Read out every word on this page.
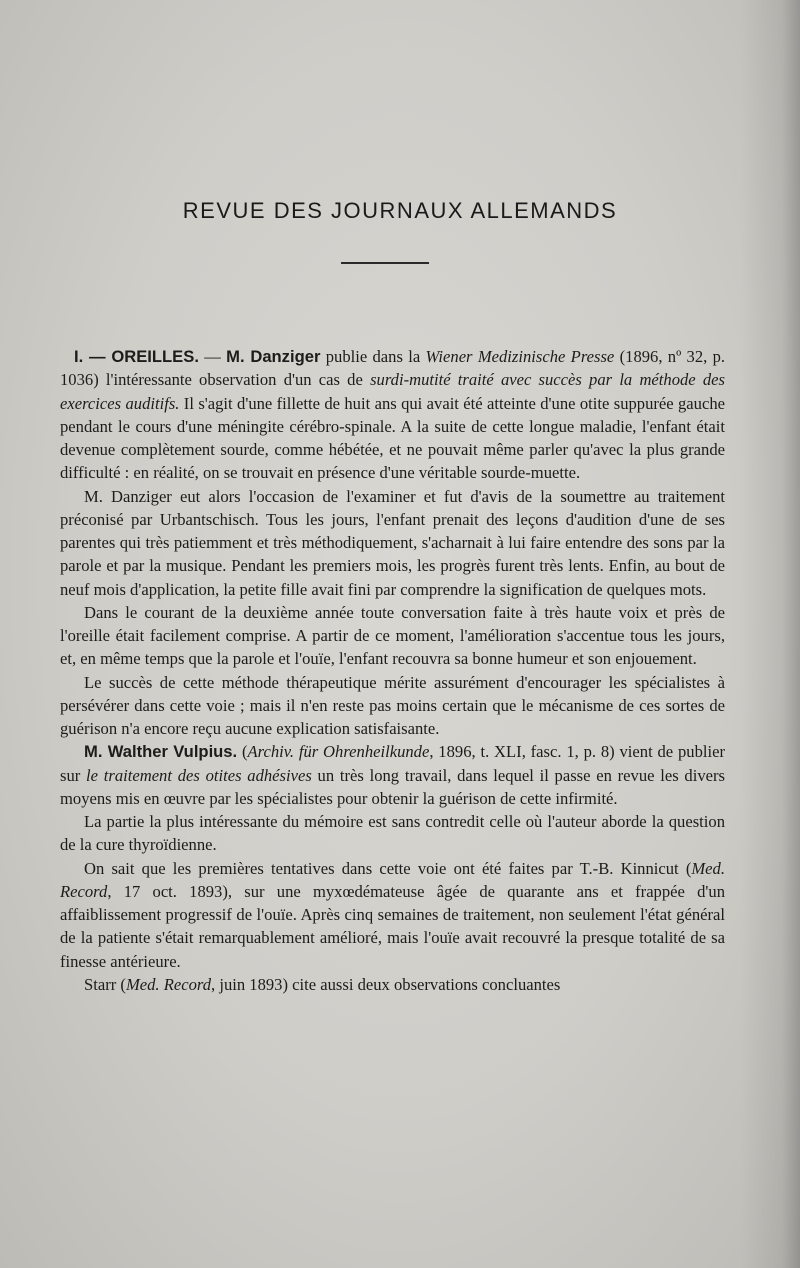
REVUE DES JOURNAUX ALLEMANDS

I. — OREILLES. — M. Danziger publie dans la Wiener Medizinische Presse (1896, nº 32, p. 1036) l'intéressante observation d'un cas de surdi-mutité traité avec succès par la méthode des exercices auditifs. Il s'agit d'une fillette de huit ans qui avait été atteinte d'une otite suppurée gauche pendant le cours d'une méningite cérébro-spinale. A la suite de cette longue maladie, l'enfant était devenue complètement sourde, comme hébétée, et ne pouvait même parler qu'avec la plus grande difficulté : en réalité, on se trouvait en présence d'une véritable sourde-muette.

M. Danziger eut alors l'occasion de l'examiner et fut d'avis de la soumettre au traitement préconisé par Urbantschisch. Tous les jours, l'enfant prenait des leçons d'audition d'une de ses parentes qui très patiemment et très méthodiquement, s'acharnait à lui faire entendre des sons par la parole et par la musique. Pendant les premiers mois, les progrès furent très lents. Enfin, au bout de neuf mois d'application, la petite fille avait fini par comprendre la signification de quelques mots.

Dans le courant de la deuxième année toute conversation faite à très haute voix et près de l'oreille était facilement comprise. A partir de ce moment, l'amélioration s'accentue tous les jours, et, en même temps que la parole et l'ouïe, l'enfant recouvra sa bonne humeur et son enjouement.

Le succès de cette méthode thérapeutique mérite assurément d'encourager les spécialistes à persévérer dans cette voie ; mais il n'en reste pas moins certain que le mécanisme de ces sortes de guérison n'a encore reçu aucune explication satisfaisante.

M. Walther Vulpius. (Archiv. für Ohrenheilkunde, 1896, t. XLI, fasc. 1, p. 8) vient de publier sur le traitement des otites adhésives un très long travail, dans lequel il passe en revue les divers moyens mis en œuvre par les spécialistes pour obtenir la guérison de cette infirmité.

La partie la plus intéressante du mémoire est sans contredit celle où l'auteur aborde la question de la cure thyroïdienne.

On sait que les premières tentatives dans cette voie ont été faites par T.-B. Kinnicut (Med. Record, 17 oct. 1893), sur une myxœdémateuse âgée de quarante ans et frappée d'un affaiblissement progressif de l'ouïe. Après cinq semaines de traitement, non seulement l'état général de la patiente s'était remarquablement amélioré, mais l'ouïe avait recouvré la presque totalité de sa finesse antérieure.

Starr (Med. Record, juin 1893) cite aussi deux observations concluantes
